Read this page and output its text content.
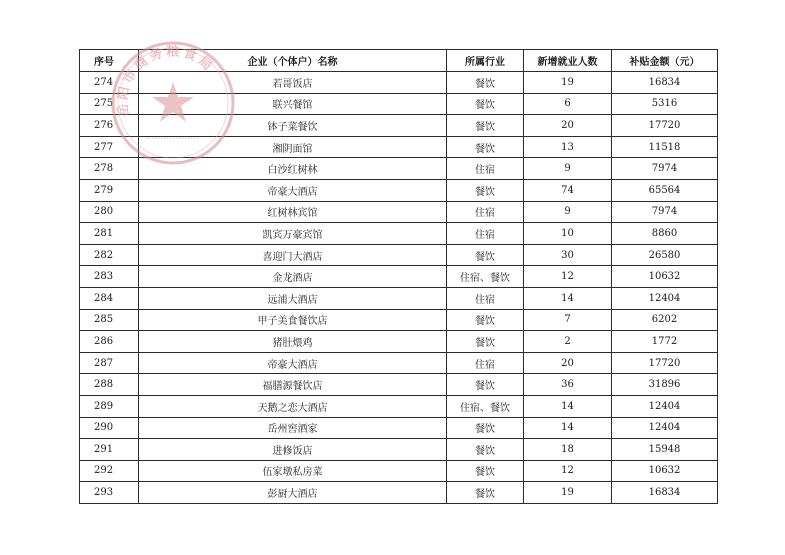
序号	企业（个体户）名称	所属行业	新增就业人数	补贴金额（元）
274	若哥饭店	餐饮	19	16834
275	联兴餐馆	餐饮	6	5316
276	钵子菜餐饮	餐饮	20	17720
277	湘阴面馆	餐饮	13	11518
278	白沙红树林	住宿	9	7974
279	帝豪大酒店	餐饮	74	65564
280	红树林宾馆	住宿	9	7974
281	凯宾万豪宾馆	住宿	10	8860
282	喜迎门大酒店	餐饮	30	26580
283	金龙酒店	住宿、餐饮	12	10632
284	远浦大酒店	住宿	14	12404
285	甲子美食餐饮店	餐饮	7	6202
286	猪肚煨鸡	餐饮	2	1772
287	帝豪大酒店	住宿	20	17720
288	福膳源餐饮店	餐饮	36	31896
289	天鹅之恋大酒店	住宿、餐饮	14	12404
290	岳州窖酒家	餐饮	14	12404
291	进修饭店	餐饮	18	15948
292	伍家墩私房菜	餐饮	12	10632
293	彭厨大酒店	餐饮	19	16834
岳阳市商务粮食局
